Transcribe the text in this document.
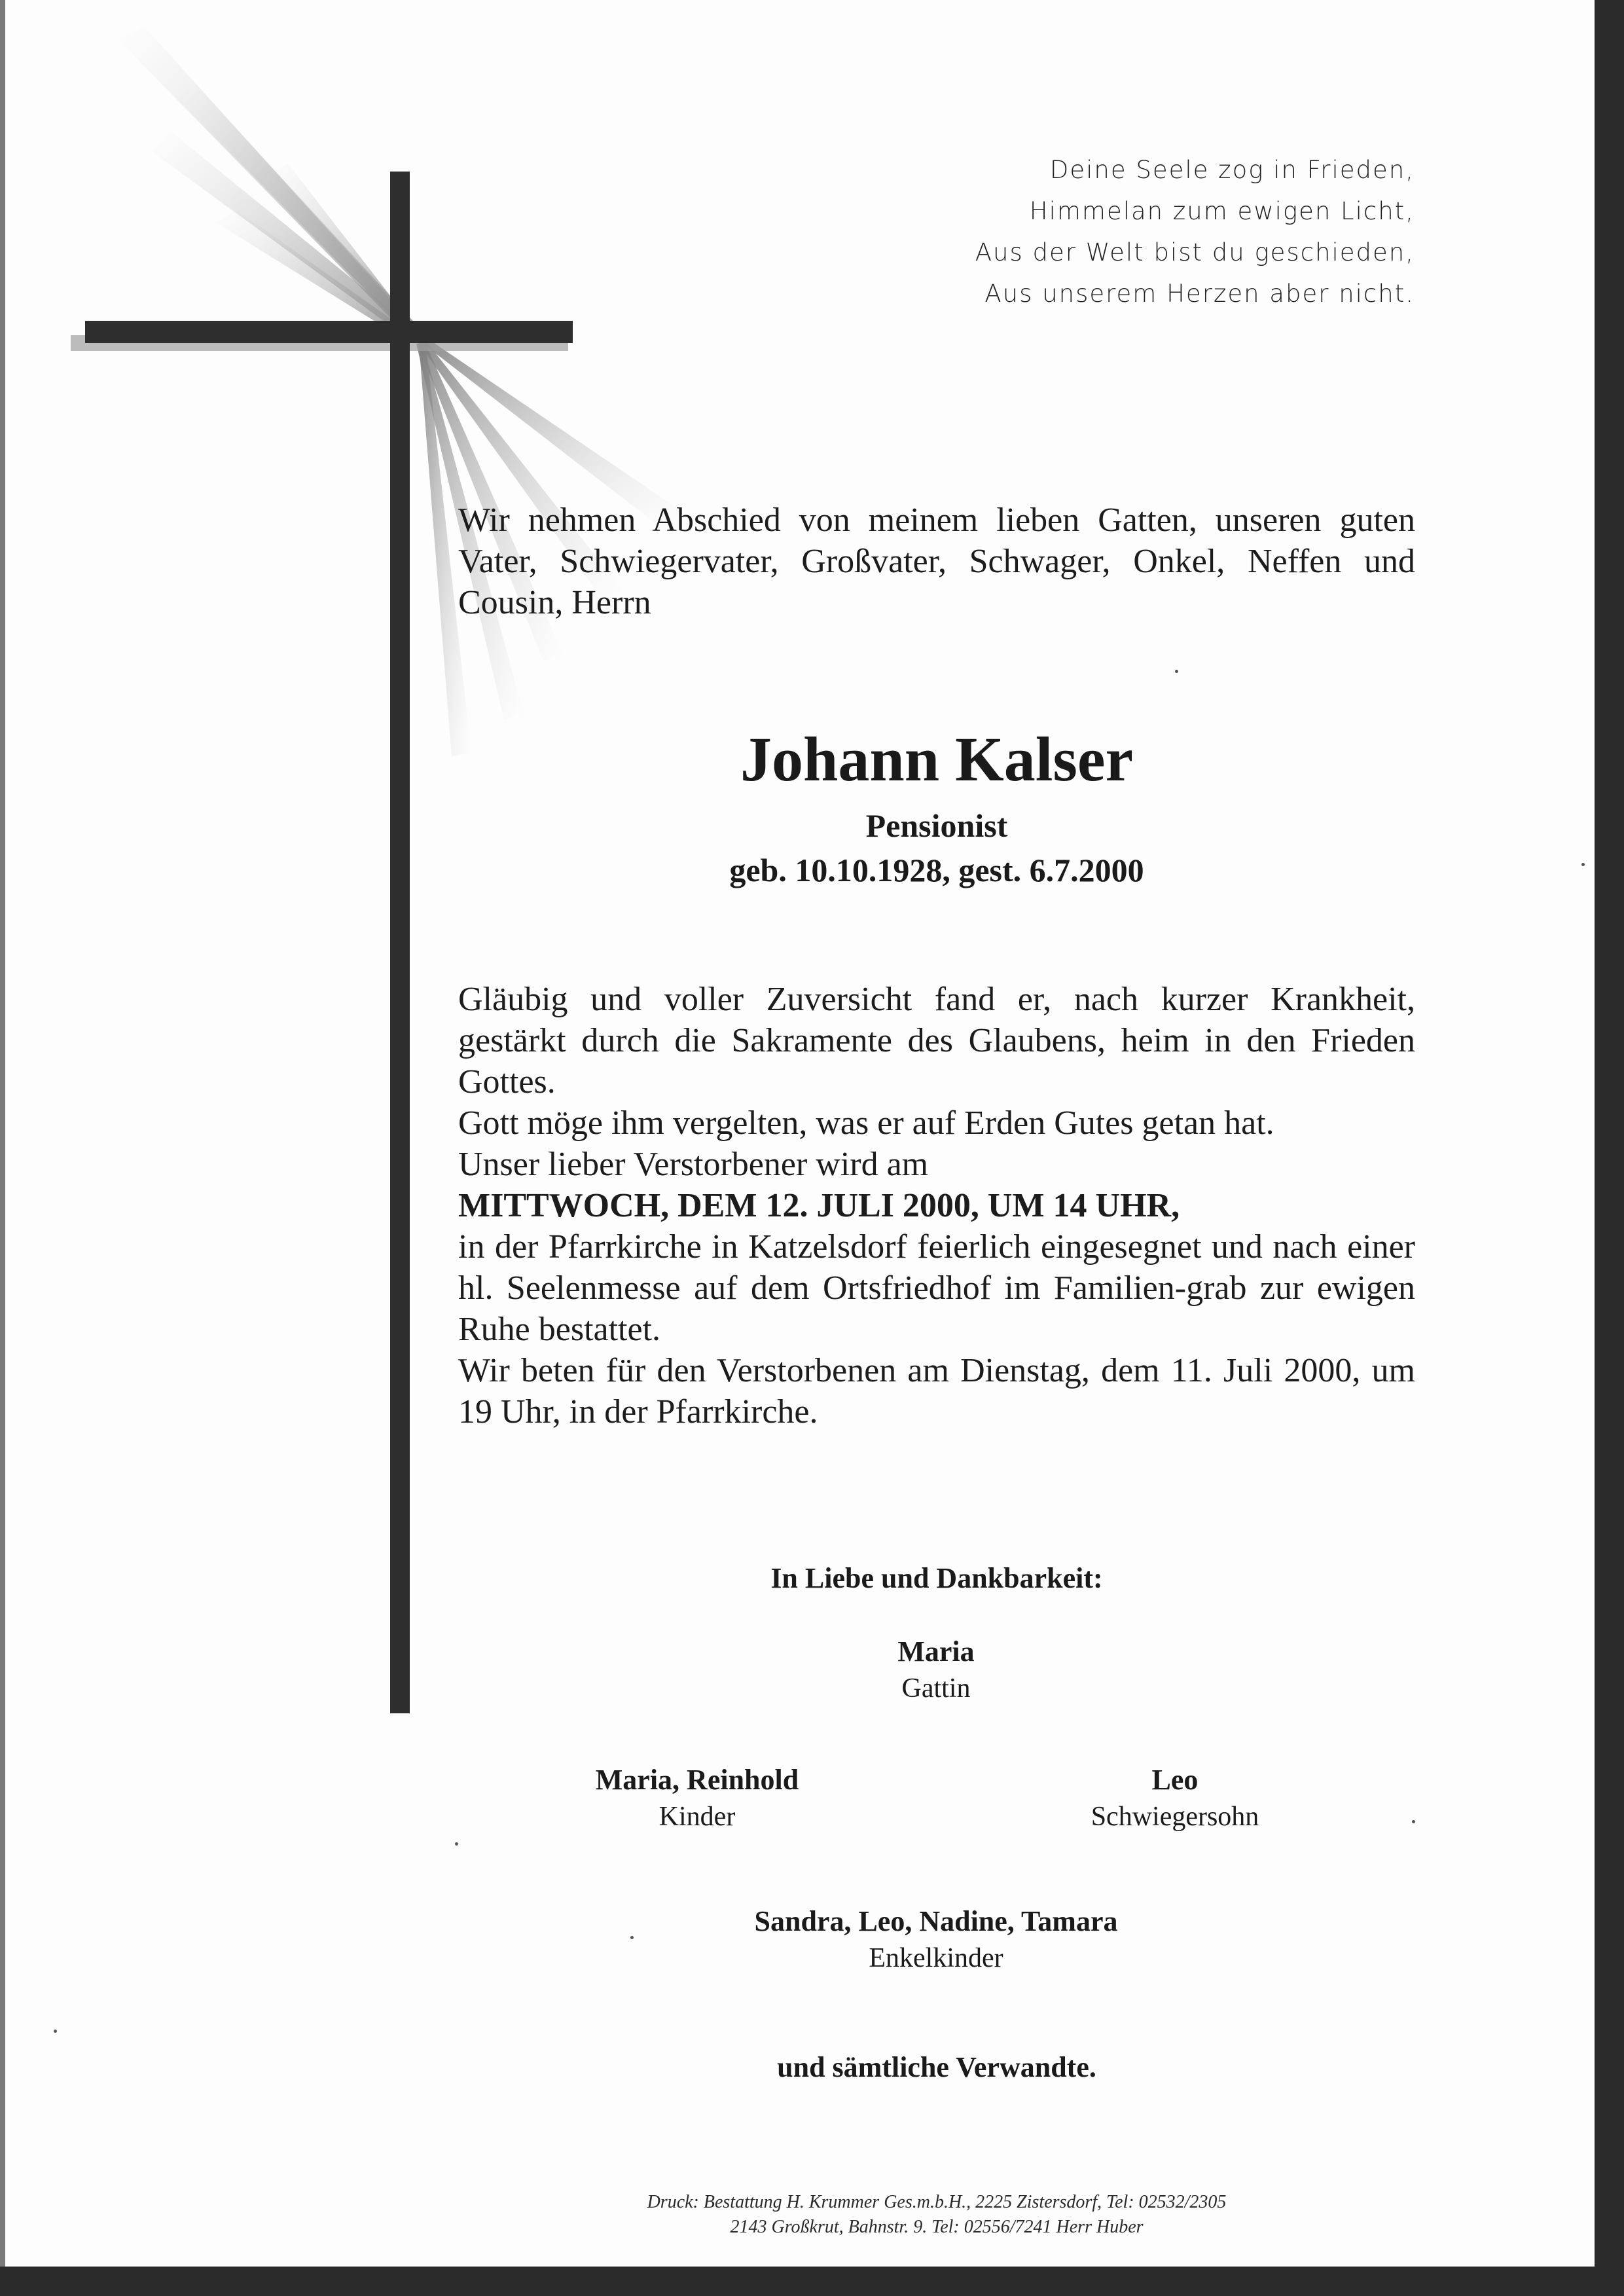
Deine Seele zog in Frieden,
Himmelan zum ewigen Licht,
Aus der Welt bist du geschieden,
Aus unserem Herzen aber nicht.

Wir nehmen Abschied von meinem lieben Gatten, unseren guten Vater, Schwiegervater, Großvater, Schwager, Onkel, Neffen und Cousin, Herrn

Johann Kalser
Pensionist
geb. 10.10.1928, gest. 6.7.2000

Gläubig und voller Zuversicht fand er, nach kurzer Krankheit, gestärkt durch die Sakramente des Glaubens, heim in den Frieden Gottes.

Gott möge ihm vergelten, was er auf Erden Gutes getan hat.

Unser lieber Verstorbener wird am

MITTWOCH, DEM 12. JULI 2000, UM 14 UHR,

in der Pfarrkirche in Katzelsdorf feierlich eingesegnet und nach einer hl. Seelenmesse auf dem Ortsfriedhof im Familien-grab zur ewigen Ruhe bestattet.

Wir beten für den Verstorbenen am Dienstag, dem 11. Juli 2000, um 19 Uhr, in der Pfarrkirche.

In Liebe und Dankbarkeit:
Maria
Gattin
Maria, Reinhold
Kinder
Leo
Schwiegersohn
Sandra, Leo, Nadine, Tamara
Enkelkinder
und sämtliche Verwandte.
Druck: Bestattung H. Krummer Ges.m.b.H., 2225 Zistersdorf, Tel: 02532/2305
2143 Großkrut, Bahnstr. 9. Tel: 02556/7241 Herr Huber
